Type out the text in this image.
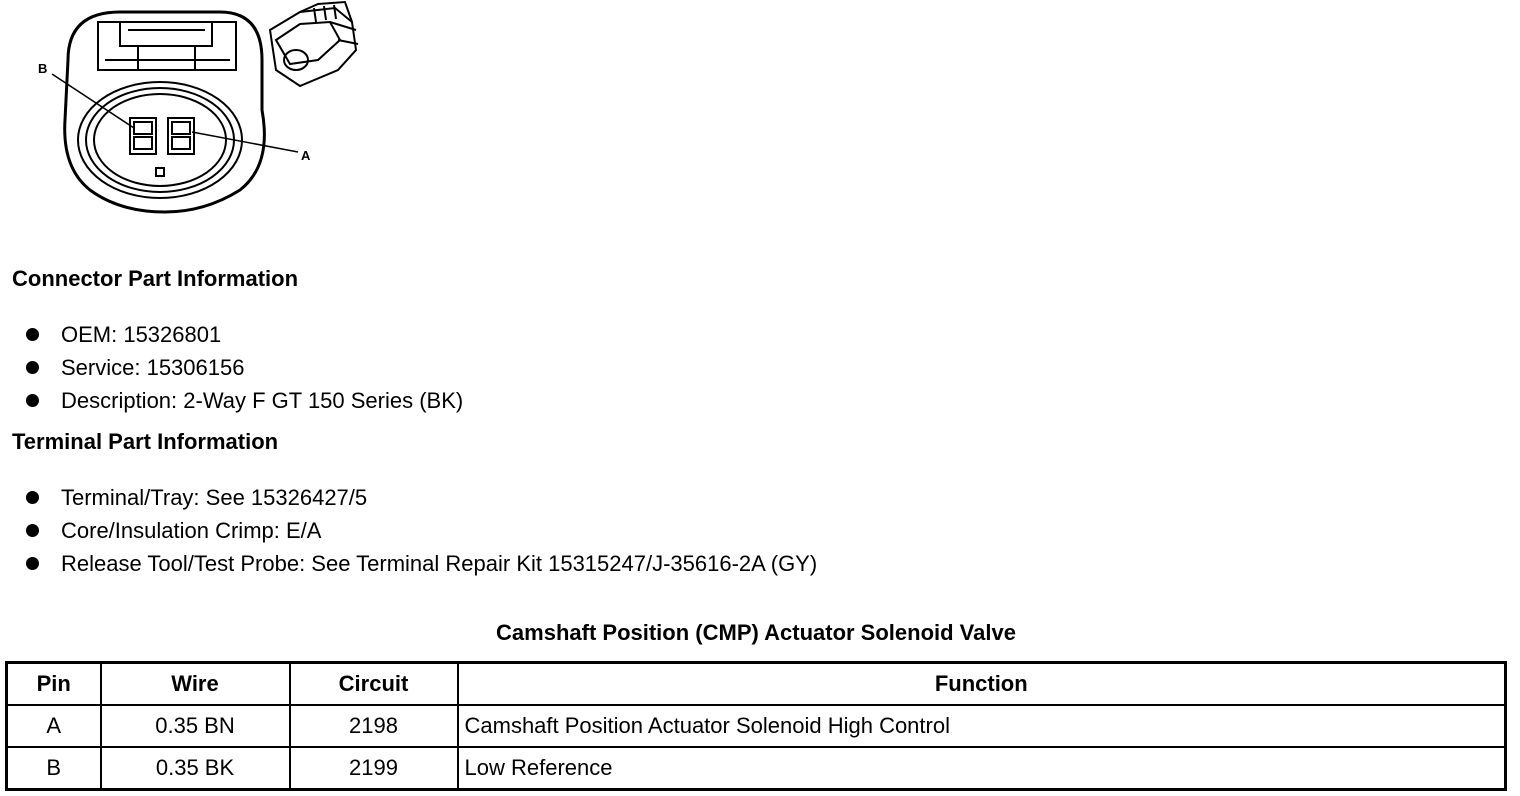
B
A
Connector Part Information
OEM: 15326801
Service: 15306156
Description: 2-Way F GT 150 Series (BK)
Terminal Part Information
Terminal/Tray: See 15326427/5
Core/Insulation Crimp: E/A
Release Tool/Test Probe: See Terminal Repair Kit 15315247/J-35616-2A (GY)
Camshaft Position (CMP) Actuator Solenoid Valve
Pin	Wire	Circuit	Function
A	0.35 BN	2198	Camshaft Position Actuator Solenoid High Control
B	0.35 BK	2199	Low Reference
